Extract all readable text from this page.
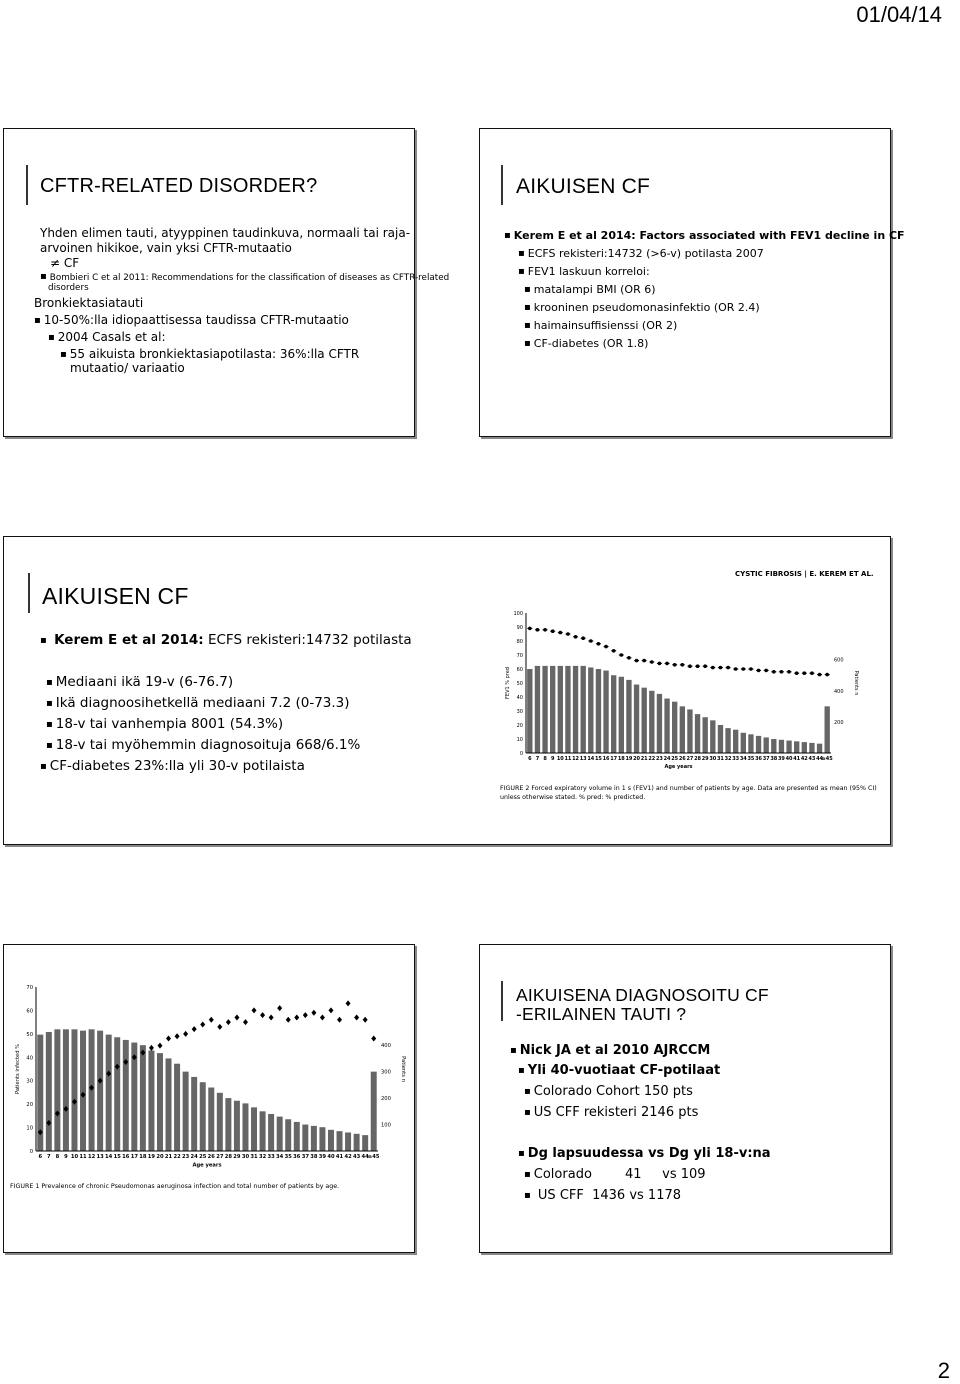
01/04/14
CFTR-RELATED DISORDER?
Yhden elimen tauti, atyyppinen taudinkuva, normaali tai raja-
arvoinen hikikoe, vain yksi CFTR-mutaatio
≠ CF
▪ Bombieri C et al 2011: Recommendations for the classification of diseases as CFTR-related
disorders
Bronkiektasiatauti
▪ 10-50%:lla idiopaattisessa taudissa CFTR-mutaatio
▪ 2004 Casals et al:
▪ 55 aikuista bronkiektasiapotilasta: 36%:lla CFTR
mutaatio/ variaatio
AIKUISEN CF
▪ Kerem E et al 2014: Factors associated with FEV1 decline in CF
▪ ECFS rekisteri:14732 (>6-v) potilasta 2007
▪ FEV1 laskuun korreloi:
▪ matalampi BMI (OR 6)
▪ krooninen pseudomonasinfektio (OR 2.4)
▪ haimainsuffisienssi (OR 2)
▪ CF-diabetes (OR 1.8)
AIKUISEN CF
▪ Kerem E et al 2014: ECFS rekisteri:14732 potilasta
▪ Mediaani ikä 19-v (6-76.7)
▪ Ikä diagnoosihetkellä mediaani 7.2 (0-73.3)
▪ 18-v tai vanhempia 8001 (54.3%)
▪ 18-v tai myöhemmin diagnosoituja 668/6.1%
▪ CF-diabetes 23%:lla yli 30-v potilaista
CYSTIC FIBROSIS | E. KEREM ET AL.
0
10
20
30
40
50
60
70
80
90
100
200
400
600
6 7 8 9 10 11 12 13 14 15 16 17 18 19 20 21 22 23 24 25 26 27 28 29 30 31 32 33 34 35 36 37 38 39 40 41 42 43 44
≥45
Age years
FEV1 % pred	Patients n
FIGURE 2 Forced expiratory volume in 1 s (FEV1) and number of patients by age. Data are presented as mean (95% CI)
unless otherwise stated. % pred: % predicted.
0
10
20
30
40
50
60
70
100
200
300
400
6 7 8 9 10 11 12 13 14 15 16 17 18 19 20 21 22 23 24 25 26 27 28 29 30 31 32 33 34 35 36 37 38 39 40 41 42 43 44 ≥45
Age years
Patients infected %	Patients n
FIGURE 1 Prevalence of chronic Pseudomonas aeruginosa infection and total number of patients by age.
AIKUISENA DIAGNOSOITU CF
-ERILAINEN TAUTI ?
▪ Nick JA et al 2010 AJRCCM
▪ Yli 40-vuotiaat CF-potilaat
▪ Colorado Cohort 150 pts
▪ US CFF rekisteri 2146 pts
▪ Dg lapsuudessa vs Dg yli 18-v:na
▪ Colorado        41     vs 109
▪  US CFF  1436 vs 1178
2
